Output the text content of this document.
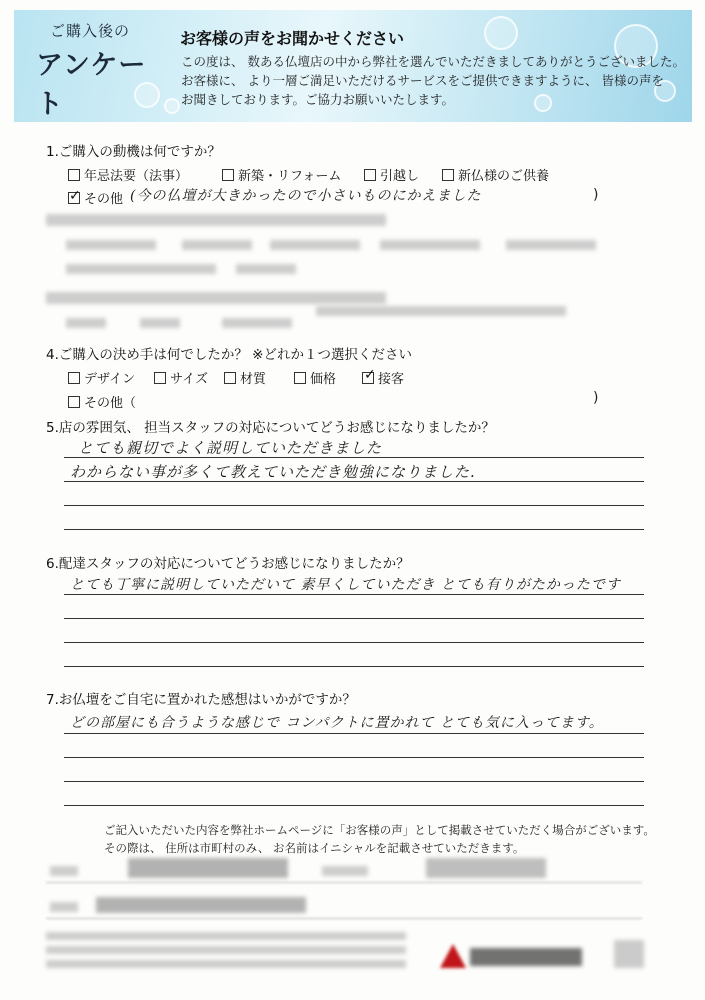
ご購入後の
アンケート
お客様の声をお聞かせください
この度は、 数ある仏壇店の中から弊社を選んでいただきましてありがとうございました。
お客様に、 より一層ご満足いただけるサービスをご提供できますように、 皆様の声を
お聞きしております。ご協力お願いいたします。
1.ご購入の動機は何ですか？
年忌法要（法事）	新築・リフォーム	引越し	新仏様のご供養
✓ その他 (今の仏壇が大きかったので小さいものにかえました	)
4.ご購入の決め手は何でしたか？ ※どれか１つ選択ください
デザイン	サイズ	材質	価格 ✓ 接客
その他（	)
5.店の雰囲気、 担当スタッフの対応についてどうお感じになりましたか？
とても親切でよく説明していただきました
わからない事が多くて教えていただき勉強になりました.
6.配達スタッフの対応についてどうお感じになりましたか？
とても丁寧に説明していただいて 素早くしていただき とても有りがたかったです
7.お仏壇をご自宅に置かれた感想はいかがですか？
どの部屋にも合うような感じで コンパクトに置かれて とても気に入ってます。
ご記入いただいた内容を弊社ホームページに「お客様の声」として掲載させていただく場合がございます。
その際は、 住所は市町村のみ、 お名前はイニシャルを記載させていただきます。
